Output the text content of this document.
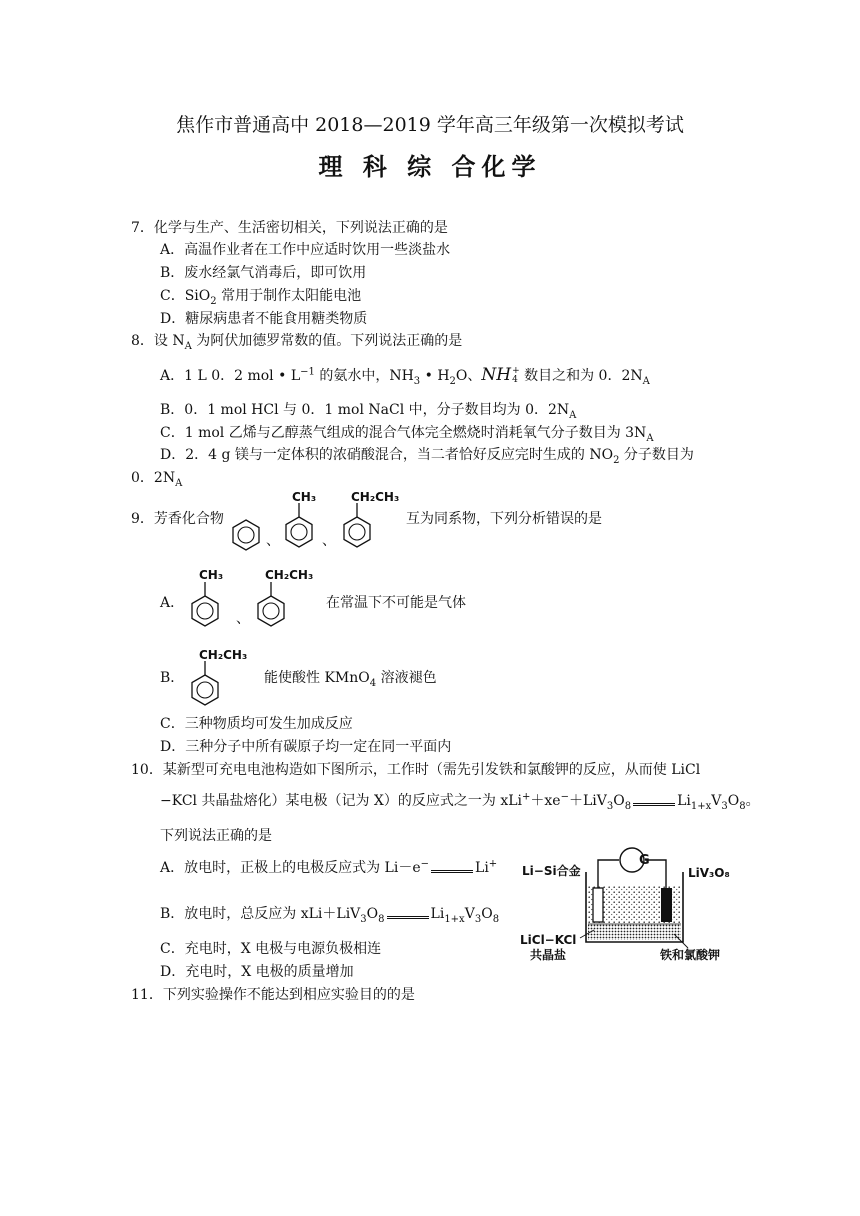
焦作市普通高中 2018—2019 学年高三年级第一次模拟考试
理 科 综 合化学
7．化学与生产、生活密切相关，下列说法正确的是
A．高温作业者在工作中应适时饮用一些淡盐水
B．废水经氯气消毒后，即可饮用
C．SiO$_2$ 常用于制作太阳能电池
D．糖尿病患者不能食用糖类物质
8．设 $N_A$ 为阿伏加德罗常数的值。下列说法正确的是
A．1 L 0．2 mol • $L^{-1}$ 的氨水中，$NH_3$ • $H_2O$、NH +
4 数目之和为 0．$2N_A$
B．0．1 mol HCl 与 0．1 mol NaCl 中，分子数目均为 0．$2N_A$
C．1 mol 乙烯与乙醇蒸气组成的混合气体完全燃烧时消耗氧气分子数目为 $3N_A$
D．2．4 g 镁与一定体积的浓硝酸混合，当二者恰好反应完时生成的 $NO_2$ 分子数目为
0．$2N_A$
9．芳香化合物
、
CH₃
、
CH₂CH₃
互为同系物，下列分析错误的是
A．
CH₃
、
CH₂CH₃
在常温下不可能是气体
B．
CH₂CH₃
能使酸性 KMnO$_4$ 溶液褪色
C．三种物质均可发生加成反应
D．三种分子中所有碳原子均一定在同一平面内
10．某新型可充电电池构造如下图所示，工作时（需先引发铁和氯酸钾的反应，从而使 LiCl
−KCl 共晶盐熔化）某电极（记为 X）的反应式之一为 $xLi^++xe^-+LiV_3O_8$	$Li_{1+x}V_3O_8$。
下列说法正确的是
A．放电时，正极上的电极反应式为 Li－e−	Li+
B．放电时，总反应为 $xLi+LiV_3O_8$	$Li_{1+x}V_3O_8$
C．充电时，X 电极与电源负极相连
D．充电时，X 电极的质量增加
Li−Si合金
G
LiV₃O₈
LiCl−KCl
共晶盐	铁和氯酸钾
11．下列实验操作不能达到相应实验目的的是
